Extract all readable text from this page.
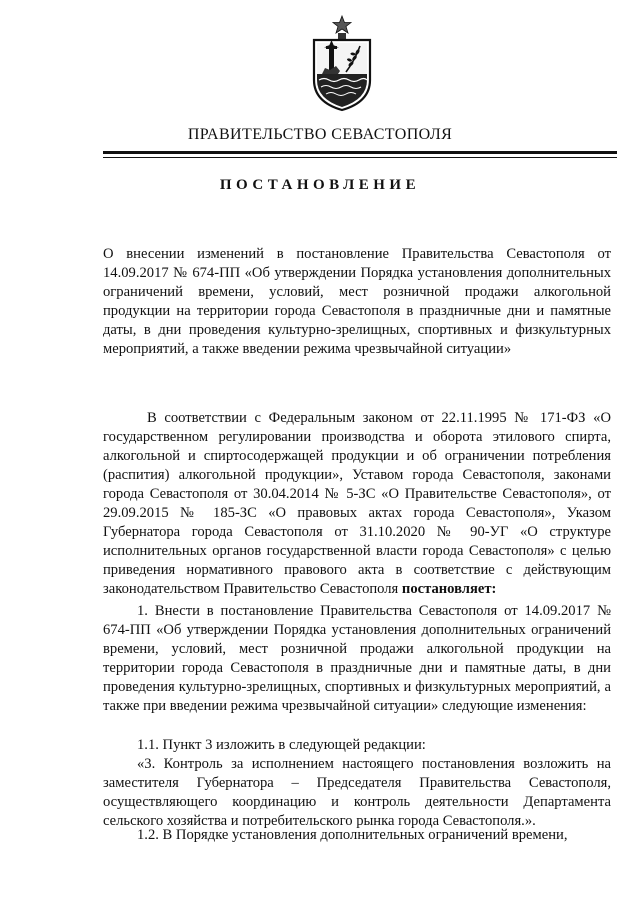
ПРАВИТЕЛЬСТВО СЕВАСТОПОЛЯ
ПОСТАНОВЛЕНИЕ

О внесении изменений в постановление Правительства Севастополя от 14.09.2017 № 674-ПП «Об утверждении Порядка установления дополнительных ограничений времени, условий, мест розничной продажи алкогольной продукции на территории города Севастополя в праздничные дни и памятные даты, в дни проведения культурно-зрелищных, спортивных и физкультурных мероприятий, а также введении режима чрезвычайной ситуации»

В соответствии с Федеральным законом от 22.11.1995 № 171-ФЗ «О государственном регулировании производства и оборота этилового спирта, алкогольной и спиртосодержащей продукции и об ограничении потребления (распития) алкогольной продукции», Уставом города Севастополя, законами города Севастополя от 30.04.2014 № 5-ЗС «О Правительстве Севастополя», от 29.09.2015 № 185-ЗС «О правовых актах города Севастополя», Указом Губернатора города Севастополя от 31.10.2020 № 90-УГ «О структуре исполнительных органов государственной власти города Севастополя» с целью приведения нормативного правового акта в соответствие с действующим законодательством Правительство Севастополя постановляет:

1. Внести в постановление Правительства Севастополя от 14.09.2017 № 674-ПП «Об утверждении Порядка установления дополнительных ограничений времени, условий, мест розничной продажи алкогольной продукции на территории города Севастополя в праздничные дни и памятные даты, в дни проведения культурно-зрелищных, спортивных и физкультурных мероприятий, а также при введении режима чрезвычайной ситуации» следующие изменения:

1.1. Пункт 3 изложить в следующей редакции:

«3. Контроль за исполнением настоящего постановления возложить на заместителя Губернатора – Председателя Правительства Севастополя, осуществляющего координацию и контроль деятельности Департамента сельского хозяйства и потребительского рынка города Севастополя.».

1.2. В Порядке установления дополнительных ограничений времени,
